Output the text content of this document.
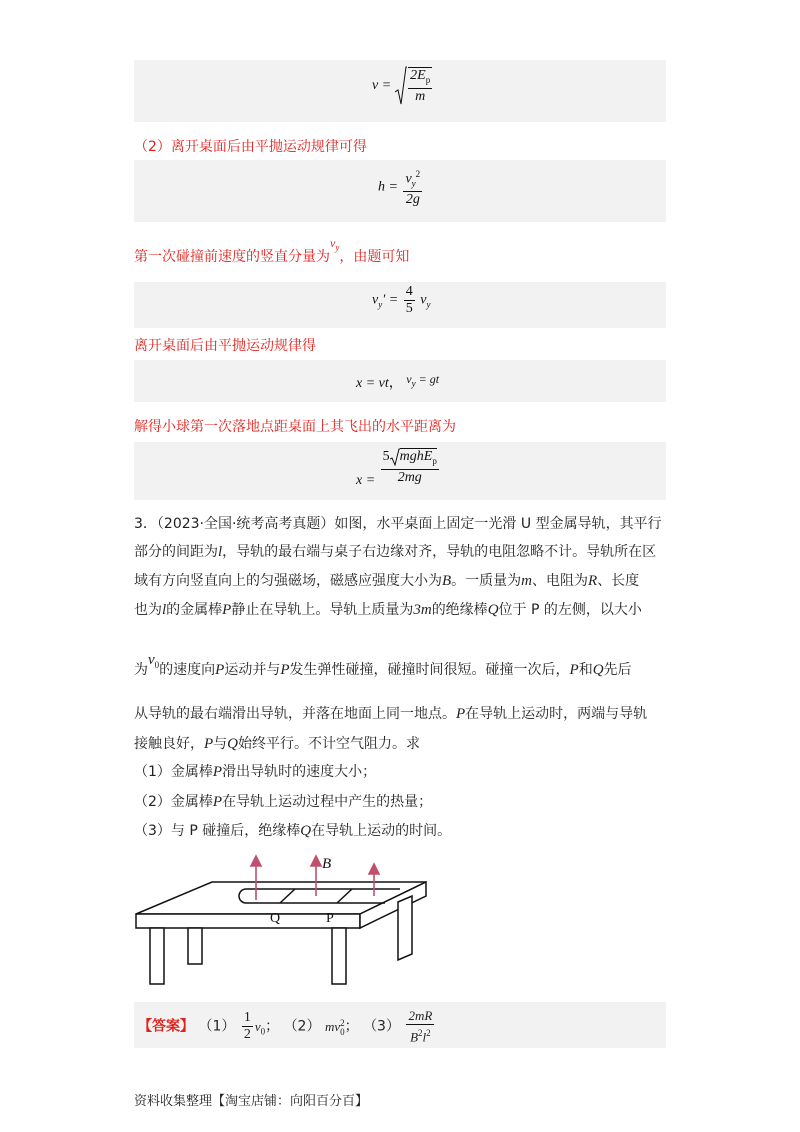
$v = \frac{2E_p}{m}$
（2）离开桌面后由平抛运动规律可得
$h = \frac{v_y^2}{2g}$
第一次碰撞前速度的竖直分量为$v_y$，由题可知
$v_y' = \frac{4}{5} v_y$
离开桌面后由平抛运动规律得
x = vt， $v_y$ = gt
解得小球第一次落地点距桌面上其飞出的水平距离为
$x = \frac{5 mghE_p}{2mg}$
3．（2023·全国·统考高考真题）如图，水平桌面上固定一光滑 U 型金属导轨，其平行
部分的间距为l，导轨的最右端与桌子右边缘对齐，导轨的电阻忽略不计。导轨所在区
域有方向竖直向上的匀强磁场，磁感应强度大小为B。一质量为m、电阻为R、长度
也为l的金属棒P静止在导轨上。导轨上质量为3m的绝缘棒Q位于 P 的左侧，以大小
为$v_0$的速度向P运动并与P发生弹性碰撞，碰撞时间很短。碰撞一次后，P和Q先后
从导轨的最右端滑出导轨，并落在地面上同一地点。P在导轨上运动时，两端与导轨
接触良好，P与Q始终平行。不计空气阻力。求
（1）金属棒P滑出导轨时的速度大小；
（2）金属棒P在导轨上运动过程中产生的热量；
（3）与 P 碰撞后，绝缘棒Q在导轨上运动的时间。
B
Q	P
【答案】 $(1) \frac{1}{2} v_0$； （2） mv 2
0 ； $(3) \frac{2mR}{B^2l^2}$
资料收集整理【淘宝店铺：向阳百分百】
